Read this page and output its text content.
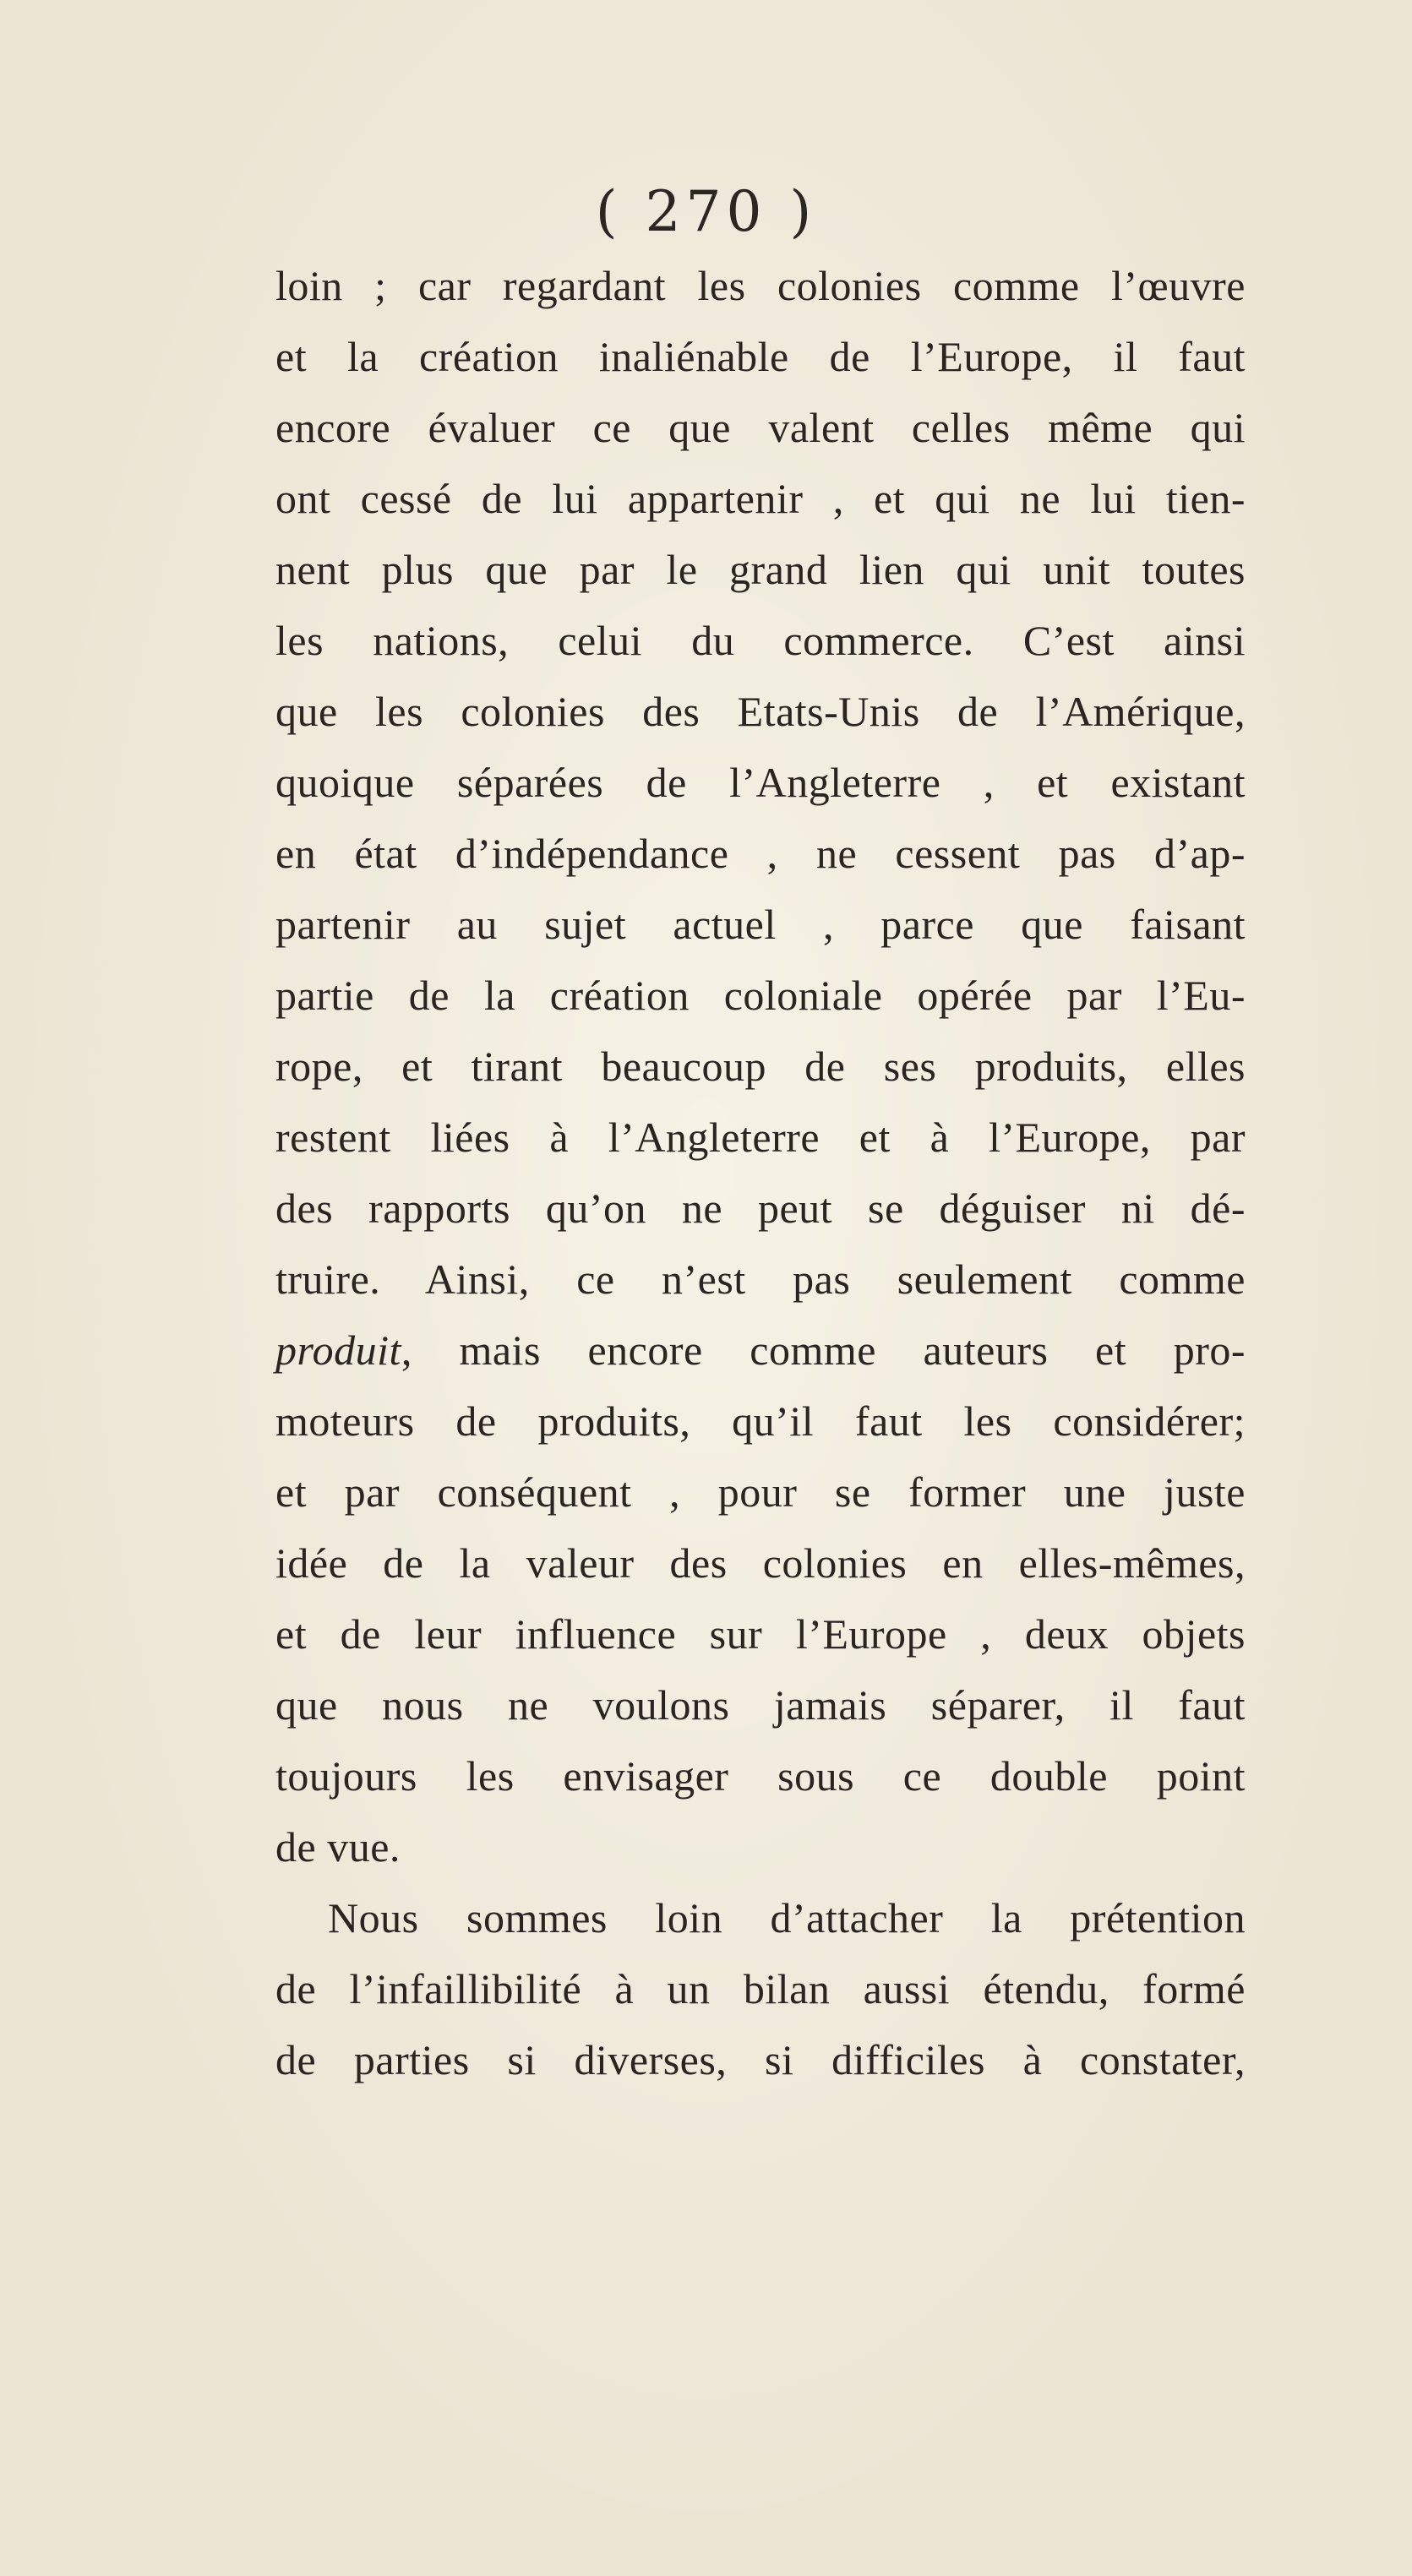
( 270 )
loin ; car regardant les colonies comme l’œuvre
et la création inaliénable de l’Europe, il faut
encore évaluer ce que valent celles même qui
ont cessé de lui appartenir , et qui ne lui tien-
nent plus que par le grand lien qui unit toutes
les nations, celui du commerce. C’est ainsi
que les colonies des Etats-Unis de l’Amérique,
quoique séparées de l’Angleterre , et existant
en état d’indépendance , ne cessent pas d’ap-
partenir au sujet actuel , parce que faisant
partie de la création coloniale opérée par l’Eu-
rope, et tirant beaucoup de ses produits, elles
restent liées à l’Angleterre et à l’Europe, par
des rapports qu’on ne peut se déguiser ni dé-
truire. Ainsi, ce n’est pas seulement comme
produit, mais encore comme auteurs et pro-
moteurs de produits, qu’il faut les considérer;
et par conséquent , pour se former une juste
idée de la valeur des colonies en elles-mêmes,
et de leur influence sur l’Europe , deux objets
que nous ne voulons jamais séparer, il faut
toujours les envisager sous ce double point
de vue.
Nous sommes loin d’attacher la prétention
de l’infaillibilité à un bilan aussi étendu, formé
de parties si diverses, si difficiles à constater,
